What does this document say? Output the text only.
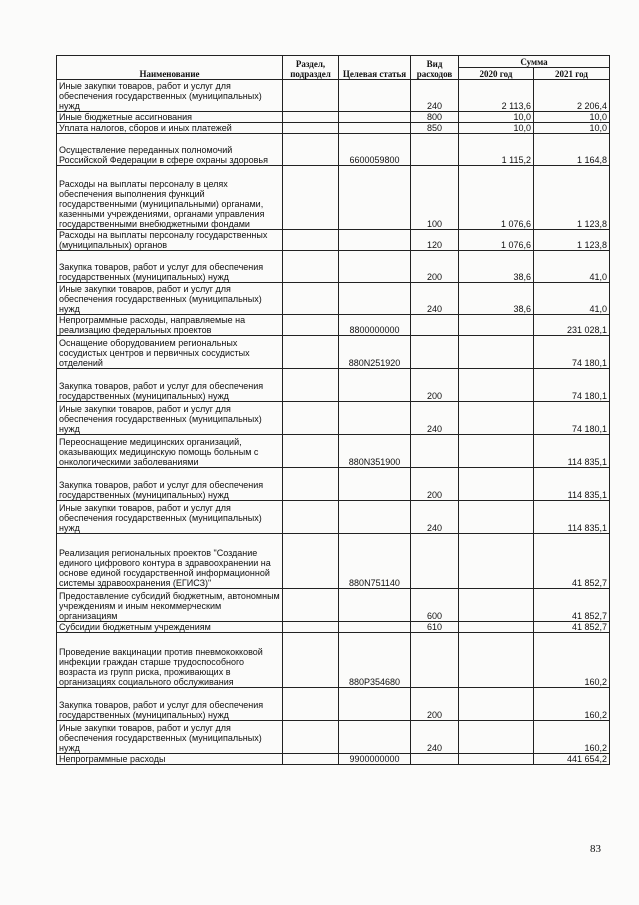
Наименование	Раздел, подраздел	Целевая статья	Вид расходов	Сумма	
				2020 год	2021 год
Иные закупки товаров, работ и услуг для обеспечения государственных (муниципальных) нужд			240	2 113,6	2 206,4
Иные бюджетные ассигнования			800	10,0	10,0
Уплата налогов, сборов и иных платежей			850	10,0	10,0
Осуществление переданных полномочий Российской Федерации в сфере охраны здоровья		6600059800		1 115,2	1 164,8
Расходы на выплаты персоналу в целях обеспечения выполнения функций государственными (муниципальными) органами, казенными учреждениями, органами управления государственными внебюджетными фондами			100	1 076,6	1 123,8
Расходы на выплаты персоналу государственных (муниципальных) органов			120	1 076,6	1 123,8
Закупка товаров, работ и услуг для обеспечения государственных (муниципальных) нужд			200	38,6	41,0
Иные закупки товаров, работ и услуг для обеспечения государственных (муниципальных) нужд			240	38,6	41,0
Непрограммные расходы, направляемые на реализацию федеральных проектов		8800000000			231 028,1
Оснащение оборудованием региональных сосудистых центров и первичных сосудистых отделений		880N251920			74 180,1
Закупка товаров, работ и услуг для обеспечения государственных (муниципальных) нужд			200		74 180,1
Иные закупки товаров, работ и услуг для обеспечения государственных (муниципальных) нужд			240		74 180,1
Переоснащение медицинских организаций, оказывающих медицинскую помощь больным с онкологическими заболеваниями		880N351900			114 835,1
Закупка товаров, работ и услуг для обеспечения государственных (муниципальных) нужд			200		114 835,1
Иные закупки товаров, работ и услуг для обеспечения государственных (муниципальных) нужд			240		114 835,1
Реализация региональных проектов "Создание единого цифрового контура в здравоохранении на основе единой государственной информационной системы здравоохранения (ЕГИСЗ)"		880N751140			41 852,7
Предоставление субсидий бюджетным, автономным учреждениям и иным некоммерческим организациям			600		41 852,7
Субсидии бюджетным учреждениям			610		41 852,7
Проведение вакцинации против пневмококковой инфекции граждан старше трудоспособного возраста из групп риска, проживающих в организациях социального обслуживания		880P354680			160,2
Закупка товаров, работ и услуг для обеспечения государственных (муниципальных) нужд			200		160,2
Иные закупки товаров, работ и услуг для обеспечения государственных (муниципальных) нужд			240		160,2
Непрограммные расходы		9900000000			441 654,2
83
